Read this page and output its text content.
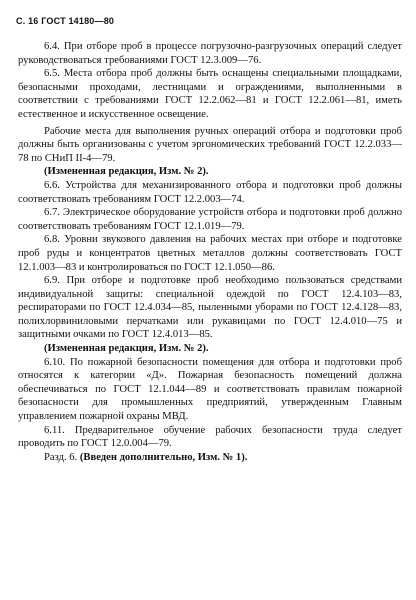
С. 16 ГОСТ 14180—80

6.4. При отборе проб в процессе погрузочно-разгрузочных операций следует руководствоваться требованиями ГОСТ 12.3.009—76.

6.5. Места отбора проб должны быть оснащены специальными площадками, безопасными проходами, лестницами и ограждениями, выполненными в соответствии с требованиями ГОСТ 12.2.062—81 и ГОСТ 12.2.061—81, иметь естественное и искусственное освещение.

Рабочие места для выполнения ручных операций отбора и подготовки проб должны быть организованы с учетом эргономических требований ГОСТ 12.2.033—78 по СНиП II-4—79.

(Измененная редакция, Изм. № 2).

6.6. Устройства для механизированного отбора и подготовки проб должны соответствовать требованиям ГОСТ 12.2.003—74.

6.7. Электрическое оборудование устройств отбора и подготовки проб должно соответствовать требованиям ГОСТ 12.1.019—79.

6.8. Уровни звукового давления на рабочих местах при отборе и подготовке проб руды и концентратов цветных металлов должны соответствовать ГОСТ 12.1.003—83 и контролироваться по ГОСТ 12.1.050—86.

6.9. При отборе и подготовке проб необходимо пользоваться средствами индивидуальной защиты: специальной одеждой по ГОСТ 12.4.103—83, респираторами по ГОСТ 12.4.034—85, пыленными уборами по ГОСТ 12.4.128—83, полихлорвиниловыми перчатками или рукавицами по ГОСТ 12.4.010—75 и защитными очками по ГОСТ 12.4.013—85.

(Измененная редакция, Изм. № 2).

6.10. По пожарной безопасности помещения для отбора и подготовки проб относятся к категории «Д». Пожарная безопасность помещений должна обеспечиваться по ГОСТ 12.1.044—89 и соответствовать правилам пожарной безопасности для промышленных предприятий, утвержденным Главным управлением пожарной охраны МВД.

6.11. Предварительное обучение рабочих безопасности труда следует проводить по ГОСТ 12.0.004—79.

Разд. 6. (Введен дополнительно, Изм. № 1).
